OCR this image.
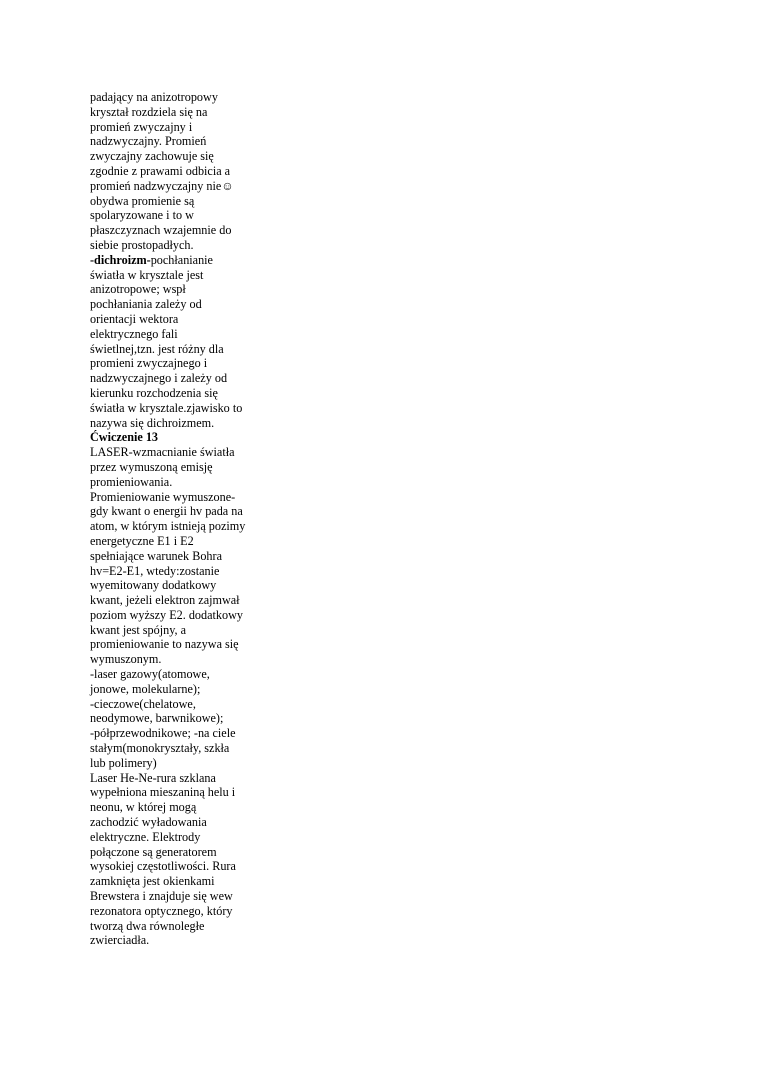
padający na anizotropowy
kryształ rozdziela się na
promień zwyczajny i
nadzwyczajny. Promień
zwyczajny zachowuje się
zgodnie z prawami odbicia a
promień nadzwyczajny nie☺
obydwa promienie są
spolaryzowane i to w
płaszczyznach wzajemnie do
siebie prostopadłych.
-dichroizm-pochłanianie
światła w krysztale jest
anizotropowe; wspł
pochłaniania zależy od
orientacji wektora
elektrycznego fali
świetlnej,tzn. jest różny dla
promieni zwyczajnego i
nadzwyczajnego i zależy od
kierunku rozchodzenia się
światła w krysztale.zjawisko to
nazywa się dichroizmem.
Ćwiczenie 13
LASER-wzmacnianie światła
przez wymuszoną emisję
promieniowania.
Promieniowanie wymuszone-
gdy kwant o energii hv pada na
atom, w którym istnieją pozimy
energetyczne E1 i E2
spełniające warunek Bohra
hv=E2-E1, wtedy:zostanie
wyemitowany dodatkowy
kwant, jeżeli elektron zajmwał
poziom wyższy E2. dodatkowy
kwant jest spójny, a
promieniowanie to nazywa się
wymuszonym.
-laser gazowy(atomowe,
jonowe, molekularne);
-cieczowe(chelatowe,
neodymowe, barwnikowe);
-półprzewodnikowe; -na ciele
stałym(monokryształy, szkła
lub polimery)
Laser He-Ne-rura szklana
wypełniona mieszaniną helu i
neonu, w której mogą
zachodzić wyładowania
elektryczne. Elektrody
połączone są generatorem
wysokiej częstotliwości. Rura
zamknięta jest okienkami
Brewstera i znajduje się wew
rezonatora optycznego, który
tworzą dwa równoległe
zwierciadła.
